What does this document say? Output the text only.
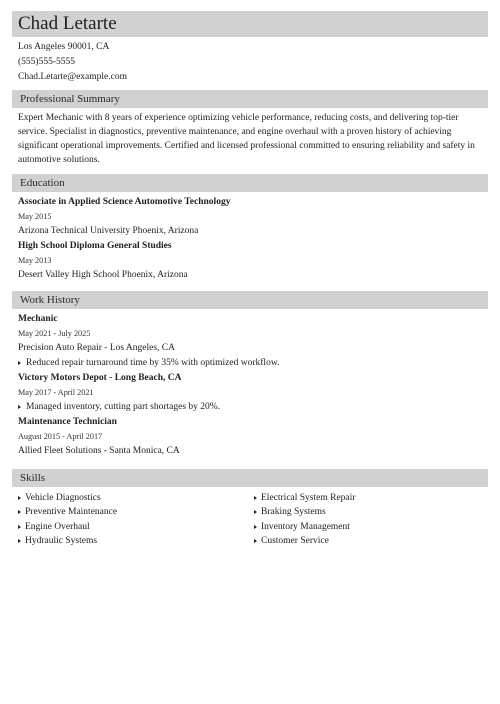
Chad Letarte
Los Angeles 90001, CA
(555)555-5555
Chad.Letarte@example.com
Professional Summary
Expert Mechanic with 8 years of experience optimizing vehicle performance, reducing costs, and delivering top-tier
service. Specialist in diagnostics, preventive maintenance, and engine overhaul with a proven history of achieving
significant operational improvements. Certified and licensed professional committed to ensuring reliability and safety in
automotive solutions.
Education
Associate in Applied Science Automotive Technology
May 2015
Arizona Technical University Phoenix, Arizona
High School Diploma General Studies
May 2013
Desert Valley High School Phoenix, Arizona
Work History
Mechanic
May 2021 - July 2025
Precision Auto Repair - Los Angeles, CA
Reduced repair turnaround time by 35% with optimized workflow.
Victory Motors Depot - Long Beach, CA
May 2017 - April 2021
Managed inventory, cutting part shortages by 20%.
Maintenance Technician
August 2015 - April 2017
Allied Fleet Solutions - Santa Monica, CA
Skills
Vehicle Diagnostics
Preventive Maintenance
Engine Overhaul
Hydraulic Systems
Electrical System Repair
Braking Systems
Inventory Management
Customer Service
